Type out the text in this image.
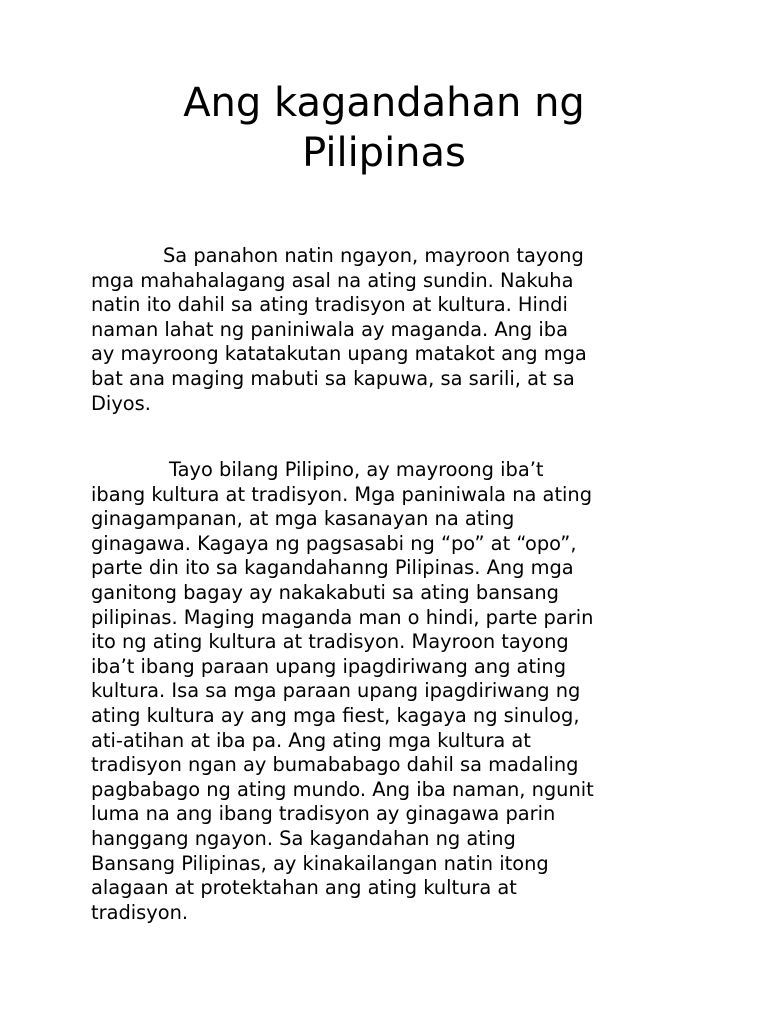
Ang kagandahan ng
Pilipinas

Sa panahon natin ngayon, mayroon tayong
mga mahahalagang asal na ating sundin. Nakuha
natin ito dahil sa ating tradisyon at kultura. Hindi
naman lahat ng paniniwala ay maganda. Ang iba
ay mayroong katatakutan upang matakot ang mga
bat ana maging mabuti sa kapuwa, sa sarili, at sa
Diyos.

Tayo bilang Pilipino, ay mayroong iba’t
ibang kultura at tradisyon. Mga paniniwala na ating
ginagampanan, at mga kasanayan na ating
ginagawa. Kagaya ng pagsasabi ng “po” at “opo”,
parte din ito sa kagandahanng Pilipinas. Ang mga
ganitong bagay ay nakakabuti sa ating bansang
pilipinas. Maging maganda man o hindi, parte parin
ito ng ating kultura at tradisyon. Mayroon tayong
iba’t ibang paraan upang ipagdiriwang ang ating
kultura. Isa sa mga paraan upang ipagdiriwang ng
ating kultura ay ang mga fiest, kagaya ng sinulog,
ati-atihan at iba pa. Ang ating mga kultura at
tradisyon ngan ay bumababago dahil sa madaling
pagbabago ng ating mundo. Ang iba naman, ngunit
luma na ang ibang tradisyon ay ginagawa parin
hanggang ngayon. Sa kagandahan ng ating
Bansang Pilipinas, ay kinakailangan natin itong
alagaan at protektahan ang ating kultura at
tradisyon.
